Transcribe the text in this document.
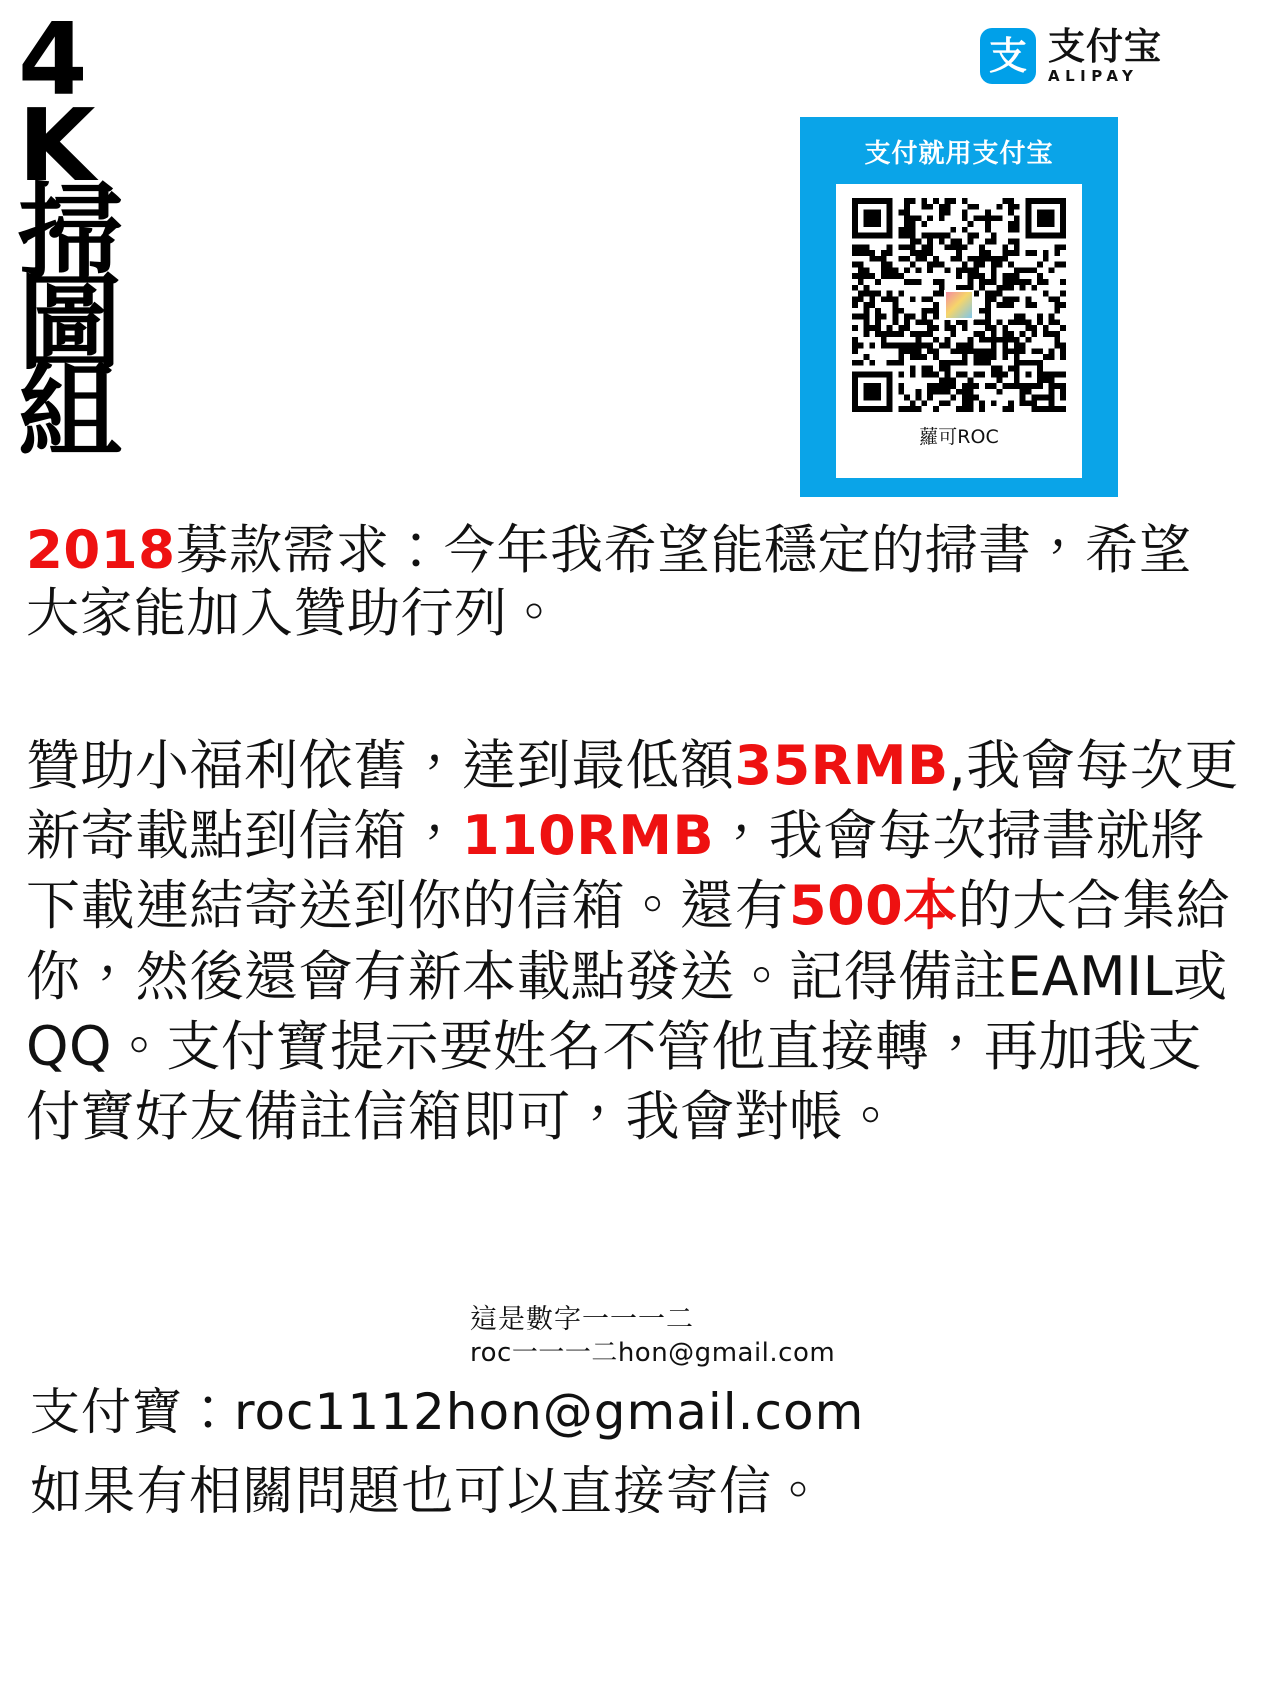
4
K
掃
圖
組
支 支付宝
ALIPAY
支付就用支付宝
蘿可ROC

2018募款需求：今年我希望能穩定的掃書，希望大家能加入贊助行列。

贊助小福利依舊，達到最低額35RMB,我會每次更新寄載點到信箱，110RMB，我會每次掃書就將下載連結寄送到你的信箱。還有500本的大合集給你，然後還會有新本載點發送。記得備註EAMIL或QQ。支付寶提示要姓名不管他直接轉，再加我支付寶好友備註信箱即可，我會對帳。

這是數字一一一二
roc一一一二hon@gmail.com
支付寶：roc1112hon@gmail.com
如果有相關問題也可以直接寄信。
